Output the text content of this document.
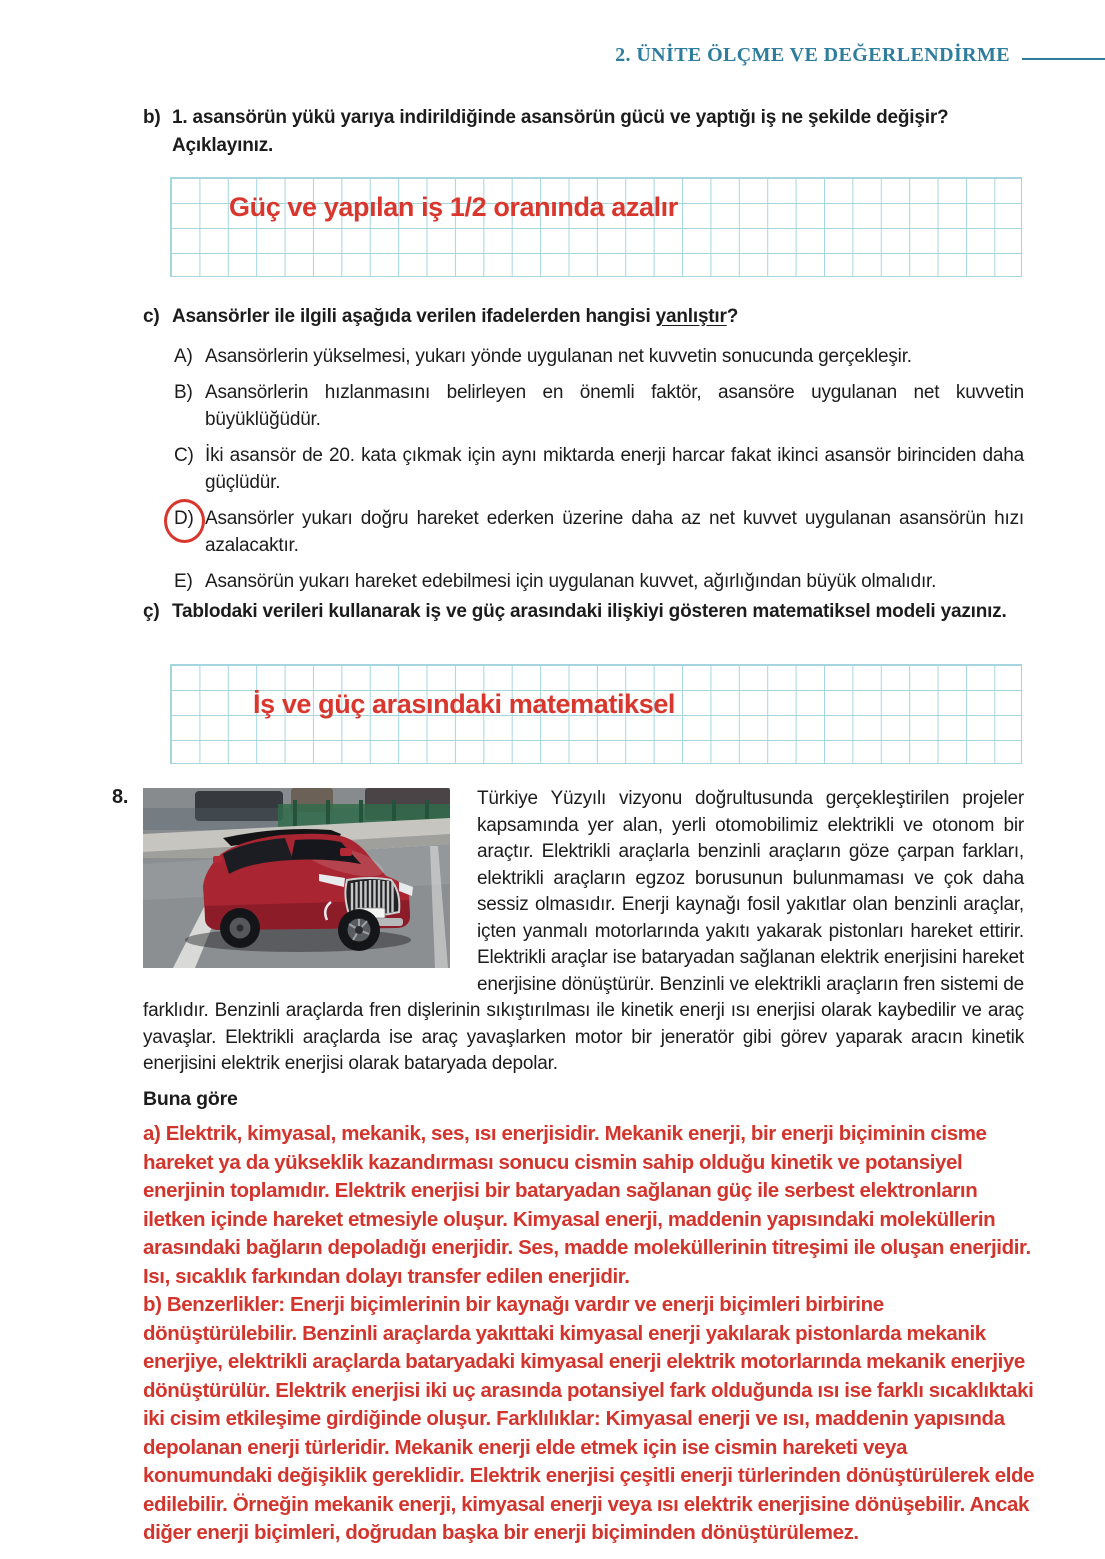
2. ÜNİTE ÖLÇME VE DEĞERLENDİRME
b) 1. asansörün yükü yarıya indirildiğinde asansörün gücü ve yaptığı iş ne şekilde değişir? Açıklayınız.
Güç ve yapılan iş 1/2 oranında azalır
c) Asansörler ile ilgili aşağıda verilen ifadelerden hangisi yanlıştır?
A) Asansörlerin yükselmesi, yukarı yönde uygulanan net kuvvetin sonucunda gerçekleşir.
B) Asansörlerin hızlanmasını belirleyen en önemli faktör, asansöre uygulanan net kuvvetin büyüklüğüdür.
C) İki asansör de 20. kata çıkmak için aynı miktarda enerji harcar fakat ikinci asansör birinciden daha güçlüdür.
D) Asansörler yukarı doğru hareket ederken üzerine daha az net kuvvet uygulanan asansörün hızı azalacaktır.
E) Asansörün yukarı hareket edebilmesi için uygulanan kuvvet, ağırlığından büyük olmalıdır.
ç) Tablodaki verileri kullanarak iş ve güç arasındaki ilişkiyi gösteren matematiksel modeli yazınız.
İş ve güç arasındaki matematiksel
8.	Türkiye Yüzyılı vizyonu doğrultusunda gerçekleştirilen projeler kapsamında yer alan, yerli otomobilimiz elektrikli ve otonom bir araçtır. Elektrikli araçlarla benzinli araçların göze çarpan farkları, elektrikli araçların egzoz borusunun bulunmaması ve çok daha sessiz olmasıdır. Enerji kaynağı fosil yakıtlar olan benzinli araçlar, içten yanmalı motorlarında yakıtı yakarak pistonları hareket ettirir. Elektrikli araçlar ise bataryadan sağlanan elektrik enerjisini hareket enerjisine dönüştürür. Benzinli ve elektrikli araçların fren sistemi de farklıdır. Benzinli araçlarda fren dişlerinin sıkıştırılması ile kinetik enerji ısı enerjisi olarak kaybedilir ve araç yavaşlar. Elektrikli araçlarda ise araç yavaşlarken motor bir jeneratör gibi görev yaparak aracın kinetik enerjisini elektrik enerjisi olarak bataryada depolar.

Buna göre

a) Elektrik, kimyasal, mekanik, ses, ısı enerjisidir. Mekanik enerji, bir enerji biçiminin cisme hareket ya da yükseklik kazandırması sonucu cismin sahip olduğu kinetik ve potansiyel enerjinin toplamıdır. Elektrik enerjisi bir bataryadan sağlanan güç ile serbest elektronların iletken içinde hareket etmesiyle oluşur. Kimyasal enerji, maddenin yapısındaki moleküllerin arasındaki bağların depoladığı enerjidir. Ses, madde moleküllerinin titreşimi ile oluşan enerjidir. Isı, sıcaklık farkından dolayı transfer edilen enerjidir.

b) Benzerlikler: Enerji biçimlerinin bir kaynağı vardır ve enerji biçimleri birbirine dönüştürülebilir. Benzinli araçlarda yakıttaki kimyasal enerji yakılarak pistonlarda mekanik enerjiye, elektrikli araçlarda bataryadaki kimyasal enerji elektrik motorlarında mekanik enerjiye dönüştürülür. Elektrik enerjisi iki uç arasında potansiyel fark olduğunda ısı ise farklı sıcaklıktaki iki cisim etkileşime girdiğinde oluşur. Farklılıklar: Kimyasal enerji ve ısı, maddenin yapısında depolanan enerji türleridir. Mekanik enerji elde etmek için ise cismin hareketi veya konumundaki değişiklik gereklidir. Elektrik enerjisi çeşitli enerji türlerinden dönüştürülerek elde edilebilir. Örneğin mekanik enerji, kimyasal enerji veya ısı elektrik enerjisine dönüşebilir. Ancak diğer enerji biçimleri, doğrudan başka bir enerji biçiminden dönüştürülemez.
